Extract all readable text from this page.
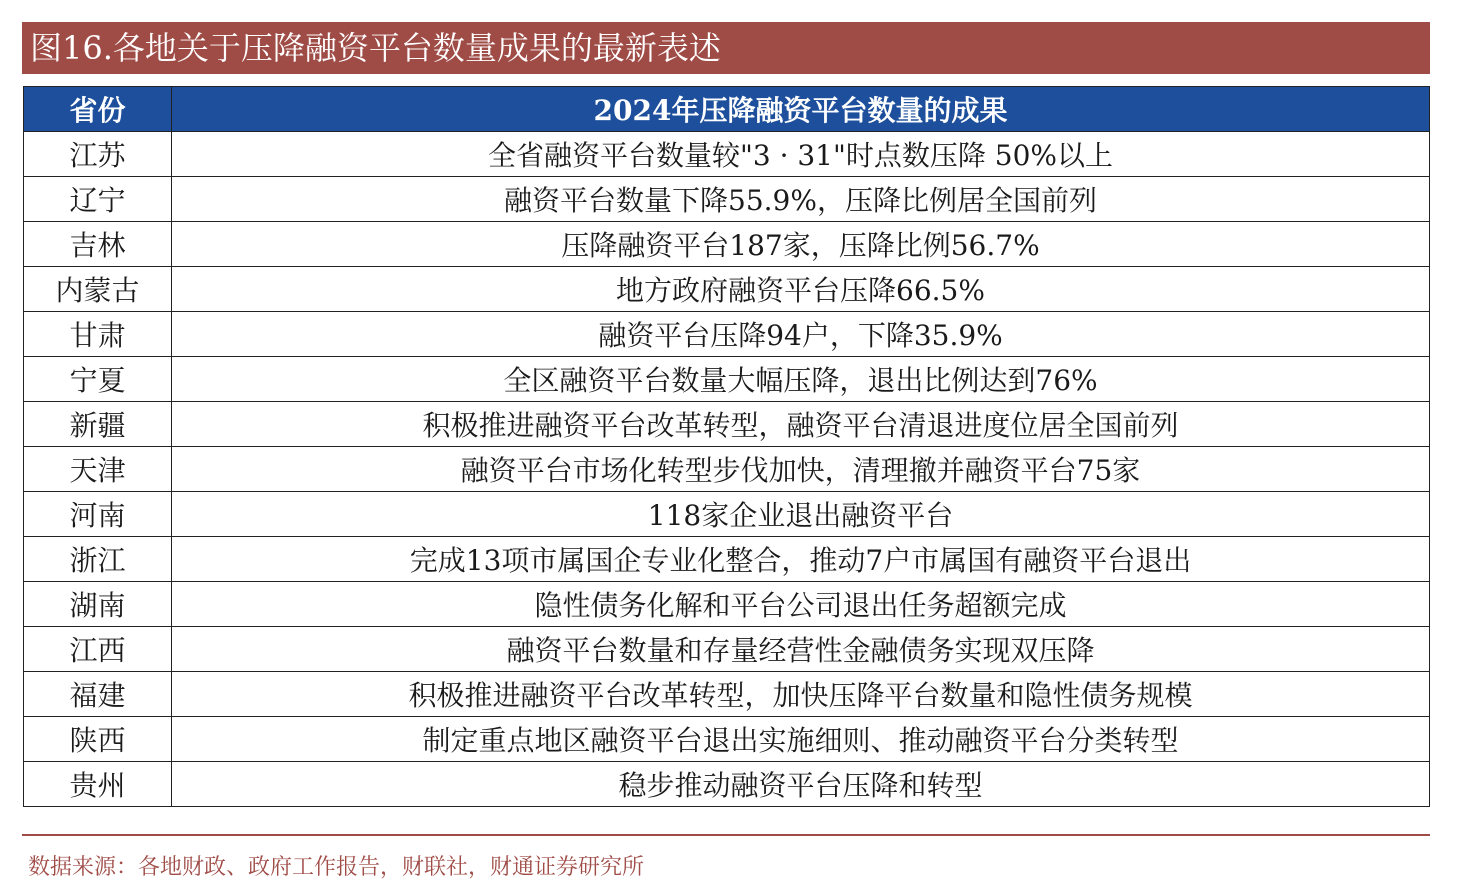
图16.各地关于压降融资平台数量成果的最新表述
省份	2024年压降融资平台数量的成果
江苏	全省融资平台数量较"3 · 31"时点数压降 50%以上
辽宁	融资平台数量下降55.9%，压降比例居全国前列
吉林	压降融资平台187家，压降比例56.7%
内蒙古	地方政府融资平台压降66.5%
甘肃	融资平台压降94户，下降35.9%
宁夏	全区融资平台数量大幅压降，退出比例达到76%
新疆	积极推进融资平台改革转型，融资平台清退进度位居全国前列
天津	融资平台市场化转型步伐加快，清理撤并融资平台75家
河南	118家企业退出融资平台
浙江	完成13项市属国企专业化整合，推动7户市属国有融资平台退出
湖南	隐性债务化解和平台公司退出任务超额完成
江西	融资平台数量和存量经营性金融债务实现双压降
福建	积极推进融资平台改革转型，加快压降平台数量和隐性债务规模
陕西	制定重点地区融资平台退出实施细则、推动融资平台分类转型
贵州	稳步推动融资平台压降和转型
数据来源：各地财政、政府工作报告，财联社，财通证券研究所
